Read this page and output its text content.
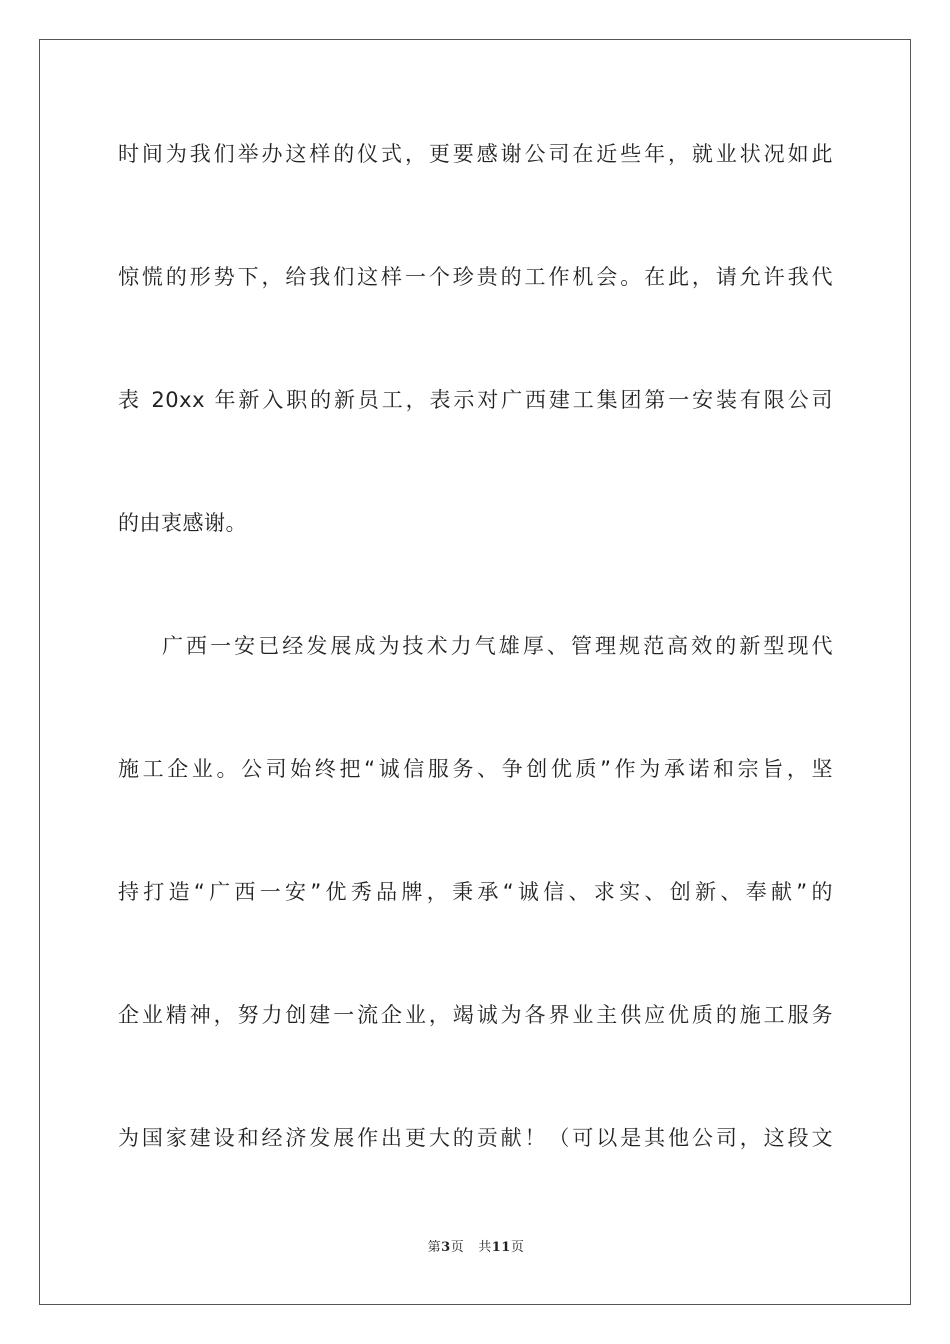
时间为我们举办这样的仪式，更要感谢公司在近些年，就业状况如此
惊慌的形势下，给我们这样一个珍贵的工作机会。在此，请允许我代
表 20xx 年新入职的新员工，表示对广西建工集团第一安装有限公司
的由衷感谢。
广西一安已经发展成为技术力气雄厚、管理规范高效的新型现代
施工企业。公司始终把“诚信服务、争创优质”作为承诺和宗旨，坚
持打造“广西一安”优秀品牌，秉承“诚信、求实、创新、奉献”的
企业精神，努力创建一流企业，竭诚为各界业主供应优质的施工服务
为国家建设和经济发展作出更大的贡献！（可以是其他公司，这段文
第3页 共11页
